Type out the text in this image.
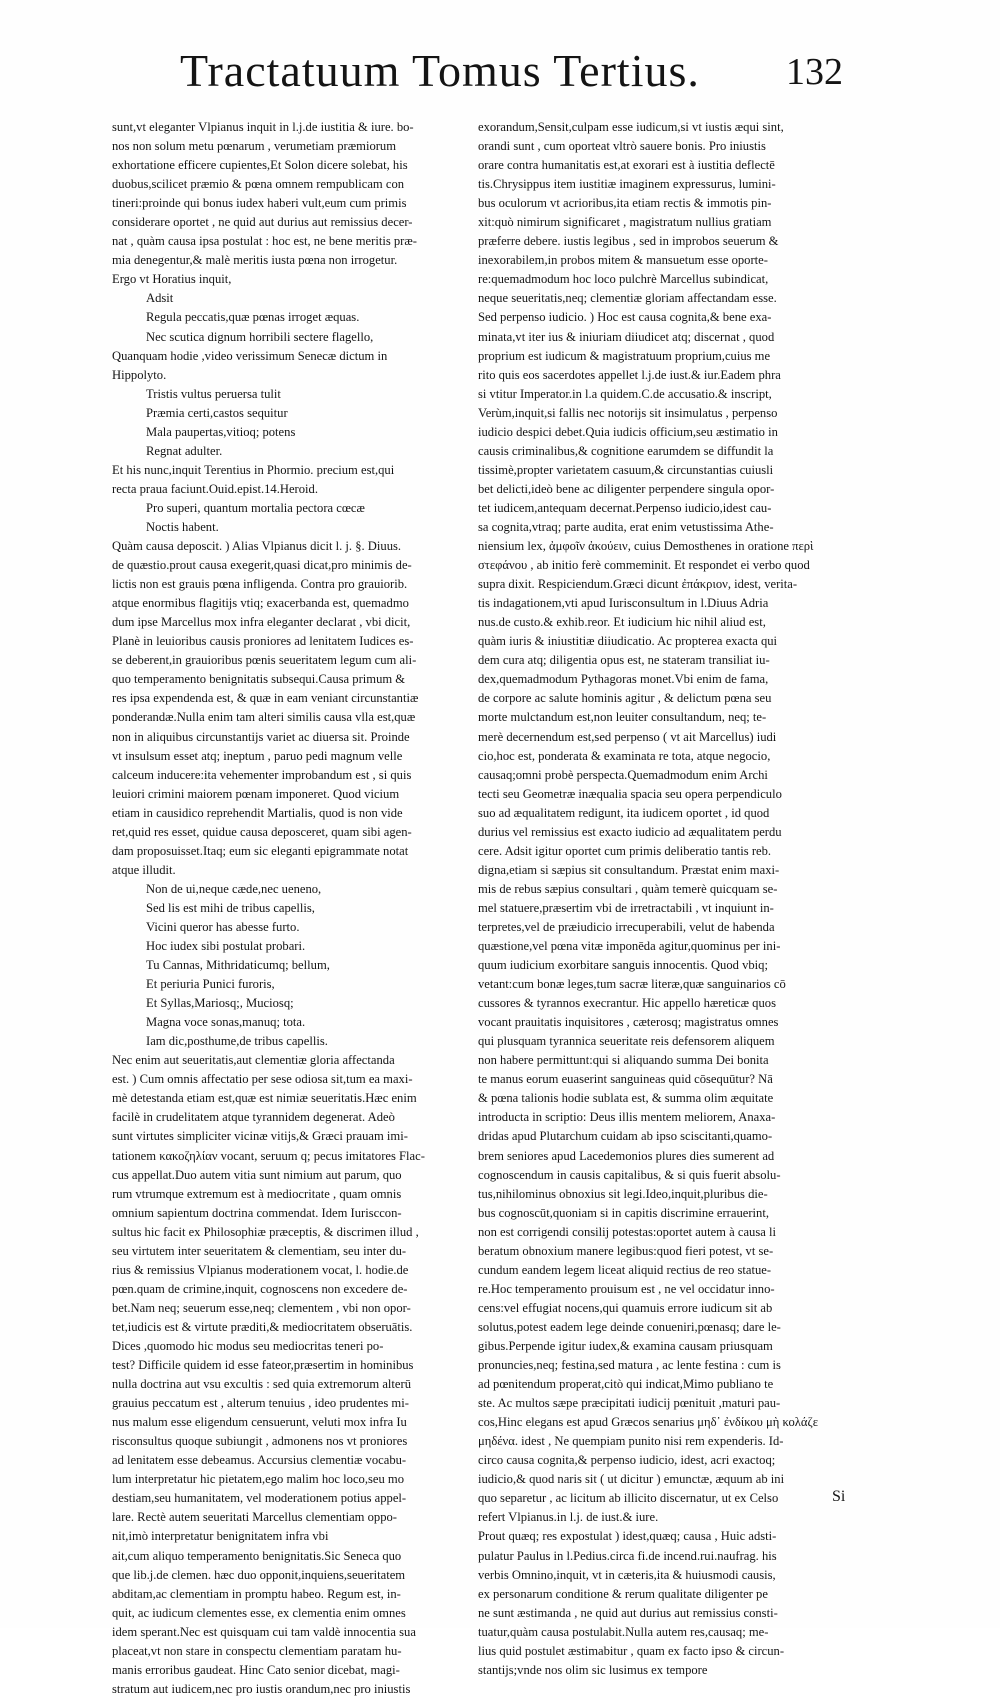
Tractatuum Tomus Tertius. 132
sunt,vt eleganter Vlpianus inquit in l.j.de iustitia & iure. bo-
nos non solum metu pœnarum , verumetiam præmiorum
exhortatione efficere cupientes,Et Solon dicere solebat, his
duobus,scilicet præmio & pœna omnem rempublicam con
tineri:proinde qui bonus iudex haberi vult,eum cum primis
considerare oportet , ne quid aut durius aut remissius decer-
nat , quàm causa ipsa postulat : hoc est, ne bene meritis præ-
mia denegentur,& malè meritis iusta pœna non irrogetur.
Ergo vt Horatius inquit,
Adsit
Regula peccatis,quæ pœnas irroget æquas.
Nec scutica dignum horribili sectere flagello,
Quanquam hodie ,video verissimum Senecæ dictum in
Hippolyto.
Tristis vultus peruersa tulit
Præmia certi,castos sequitur
Mala paupertas,vitioq; potens
Regnat adulter.
Et his nunc,inquit Terentius in Phormio. precium est,qui
recta praua faciunt.Ouid.epist.14.Heroid.
Pro superi, quantum mortalia pectora cœcæ
Noctis habent.
Quàm causa deposcit. ) Alias Vlpianus dicit l. j. §. Diuus.
de quæstio.prout causa exegerit,quasi dicat,pro minimis de-
lictis non est grauis pœna infligenda. Contra pro grauiorib.
atque enormibus flagitijs vtiq; exacerbanda est, quemadmo
dum ipse Marcellus mox infra eleganter declarat , vbi dicit,
Planè in leuioribus causis proniores ad lenitatem Iudices es-
se deberent,in grauioribus pœnis seueritatem legum cum ali-
quo temperamento benignitatis subsequi.Causa primum &
res ipsa expendenda est, & quæ in eam veniant circunstantiæ
ponderandæ.Nulla enim tam alteri similis causa vlla est,quæ
non in aliquibus circunstantijs variet ac diuersa sit. Proinde
vt insulsum esset atq; ineptum , paruo pedi magnum velle
calceum inducere:ita vehementer improbandum est , si quis
leuiori crimini maiorem pœnam imponeret. Quod vicium
etiam in causidico reprehendit Martialis, quod is non vide
ret,quid res esset, quidue causa deposceret, quam sibi agen-
dam proposuisset.Itaq; eum sic eleganti epigrammate notat
atque illudit.
Non de ui,neque cæde,nec ueneno,
Sed lis est mihi de tribus capellis,
Vicini queror has abesse furto.
Hoc iudex sibi postulat probari.
Tu Cannas, Mithridaticumq; bellum,
Et periuria Punici furoris,
Et Syllas,Mariosq;, Muciosq;
Magna voce sonas,manuq; tota.
Iam dic,posthume,de tribus capellis.
Nec enim aut seueritatis,aut clementiæ gloria affectanda
est. ) Cum omnis affectatio per sese odiosa sit,tum ea maxi-
mè detestanda etiam est,quæ est nimiæ seueritatis.Hæc enim
facilè in crudelitatem atque tyrannidem degenerat. Adeò
sunt virtutes simpliciter vicinæ vitijs,& Græci prauam imi-
tationem κακοζηλίαν vocant, seruum q; pecus imitatores Flac-
cus appellat.Duo autem vitia sunt nimium aut parum, quo
rum vtrumque extremum est à mediocritate , quam omnis
omnium sapientum doctrina commendat. Idem Iurisccon-
sultus hic facit ex Philosophiæ præceptis, & discrimen illud ,
seu virtutem inter seueritatem & clementiam, seu inter du-
rius & remissius Vlpianus moderationem vocat, l. hodie.de
pœn.quam de crimine,inquit, cognoscens non excedere de-
bet.Nam neq; seuerum esse,neq; clementem , vbi non opor-
tet,iudicis est & virtute præditi,& mediocritatem obseruātis.
Dices ,quomodo hic modus seu mediocritas teneri po-
test? Difficile quidem id esse fateor,præsertim in hominibus
nulla doctrina aut vsu excultis : sed quia extremorum alterū
grauius peccatum est , alterum tenuius , ideo prudentes mi-
nus malum esse eligendum censuerunt, veluti mox infra Iu
risconsultus quoque subiungit , admonens nos vt proniores
ad lenitatem esse debeamus. Accursius clementiæ vocabu-
lum interpretatur hic pietatem,ego malim hoc loco,seu mo
destiam,seu humanitatem, vel moderationem potius appel-
lare. Rectè autem seueritati Marcellus clementiam oppo-
nit,imò interpretatur benignitatem infra vbi
ait,cum aliquo temperamento benignitatis.Sic Seneca quo
que lib.j.de clemen. hæc duo opponit,inquiens,seueritatem
abditam,ac clementiam in promptu habeo. Regum est, in-
quit, ac iudicum clementes esse, ex clementia enim omnes
idem sperant.Nec est quisquam cui tam valdè innocentia sua
placeat,vt non stare in conspectu clementiam paratam hu-
manis erroribus gaudeat. Hinc Cato senior dicebat, magi-
stratum aut iudicem,nec pro iustis orandum,nec pro iniustis
exorandum,Sensit,culpam esse iudicum,si vt iustis æqui sint,
orandi sunt , cum oporteat vltrò sauere bonis. Pro iniustis
orare contra humanitatis est,at exorari est à iustitia deflectē
tis.Chrysippus item iustitiæ imaginem expressurus, lumini-
bus oculorum vt acrioribus,ita etiam rectis & immotis pin-
xit:quò nimirum significaret , magistratum nullius gratiam
præferre debere. iustis legibus , sed in improbos seuerum &
inexorabilem,in probos mitem & mansuetum esse oporte-
re:quemadmodum hoc loco pulchrè Marcellus subindicat,
neque seueritatis,neq; clementiæ gloriam affectandam esse.
Sed perpenso iudicio. ) Hoc est causa cognita,& bene exa-
minata,vt iter ius & iniuriam diiudicet atq; discernat , quod
proprium est iudicum & magistratuum proprium,cuius me
rito quis eos sacerdotes appellet l.j.de iust.& iur.Eadem phra
si vtitur Imperator.in l.a quidem.C.de accusatio.& inscript,
Verùm,inquit,si fallis nec notorijs sit insimulatus , perpenso
iudicio despici debet.Quia iudicis officium,seu æstimatio in
causis criminalibus,& cognitione earumdem se diffundit la
tissimè,propter varietatem casuum,& circunstantias cuiusli
bet delicti,ideò bene ac diligenter perpendere singula opor-
tet iudicem,antequam decernat.Perpenso iudicio,idest cau-
sa cognita,vtraq; parte audita, erat enim vetustissima Athe-
niensium lex, ἀμφοῖν ἀκούειν, cuius Demosthenes in oratione περὶ
στεφάνου , ab initio ferè commeminit. Et respondet ei verbo quod
supra dixit. Respiciendum.Græci dicunt ἐπάκριον, idest, verita-
tis indagationem,vti apud Iurisconsultum in l.Diuus Adria
nus.de custo.& exhib.reor. Et iudicium hic nihil aliud est,
quàm iuris & iniustitiæ diiudicatio. Ac propterea exacta qui
dem cura atq; diligentia opus est, ne stateram transiliat iu-
dex,quemadmodum Pythagoras monet.Vbi enim de fama,
de corpore ac salute hominis agitur , & delictum pœna seu
morte mulctandum est,non leuiter consultandum, neq; te-
merè decernendum est,sed perpenso ( vt ait Marcellus) iudi
cio,hoc est, ponderata & examinata re tota, atque negocio,
causaq;omni probè perspecta.Quemadmodum enim Archi
tecti seu Geometræ inæqualia spacia seu opera perpendiculo
suo ad æqualitatem redigunt, ita iudicem oportet , id quod
durius vel remissius est exacto iudicio ad æqualitatem perdu
cere. Adsit igitur oportet cum primis deliberatio tantis reb.
digna,etiam si sæpius sit consultandum. Præstat enim maxi-
mis de rebus sæpius consultari , quàm temerè quicquam se-
mel statuere,præsertim vbi de irretractabili , vt inquiunt in-
terpretes,vel de præiudicio irrecuperabili, velut de habenda
quæstione,vel pœna vitæ imponēda agitur,quominus per ini-
quum iudicium exorbitare sanguis innocentis. Quod vbiq;
vetant:cum bonæ leges,tum sacræ literæ,quæ sanguinarios cō
cussores & tyrannos execrantur. Hic appello hæreticæ quos
vocant prauitatis inquisitores , cæterosq; magistratus omnes
qui plusquam tyrannica seueritate reis defensorem aliquem
non habere permittunt:qui si aliquando summa Dei bonita
te manus eorum euaserint sanguineas quid cōsequūtur? Nā
& pœna talionis hodie sublata est, & summa olim æquitate
introducta in scriptio: Deus illis mentem meliorem, Anaxa-
dridas apud Plutarchum cuidam ab ipso sciscitanti,quamo-
brem seniores apud Lacedemonios plures dies sumerent ad
cognoscendum in causis capitalibus, & si quis fuerit absolu-
tus,nihilominus obnoxius sit legi.Ideo,inquit,pluribus die-
bus cognoscūt,quoniam si in capitis discrimine errauerint,
non est corrigendi consilij potestas:oportet autem à causa li
beratum obnoxium manere legibus:quod fieri potest, vt se-
cundum eandem legem liceat aliquid rectius de reo statue-
re.Hoc temperamento prouisum est , ne vel occidatur inno-
cens:vel effugiat nocens,qui quamuis errore iudicum sit ab
solutus,potest eadem lege deinde conueniri,pœnasq; dare le-
gibus.Perpende igitur iudex,& examina causam priusquam
pronuncies,neq; festina,sed matura , ac lente festina : cum is
ad pœnitendum properat,citò qui indicat,Mimo publiano te
ste. Ac multos sæpe præcipitati iudicij pœnituit ,maturi pau-
cos,Hinc elegans est apud Græcos senarius μηδ᾽ ἐνδίκου μὴ κολάζε
μηδένα. idest , Ne quempiam punito nisi rem expenderis. Id-
circo causa cognita,& perpenso iudicio, idest, acri exactoq;
iudicio,& quod naris sit ( ut dicitur ) emunctæ, æquum ab ini
quo separetur , ac licitum ab illicito discernatur, ut ex Celso
refert Vlpianus.in l.j. de iust.& iure.
Prout quæq; res expostulat ) idest,quæq; causa , Huic adsti-
pulatur Paulus in l.Pedius.circa fi.de incend.rui.naufrag. his
verbis Omnino,inquit, vt in cæteris,ita & huiusmodi causis,
ex personarum conditione & rerum qualitate diligenter pe
ne sunt æstimanda , ne quid aut durius aut remissius consti-
tuatur,quàm causa postulabit.Nulla autem res,causaq; me-
lius quid postulet æstimabitur , quam ex facto ipso & circun-
stantijs;vnde nos olim sic lusimus ex tempore
Si
